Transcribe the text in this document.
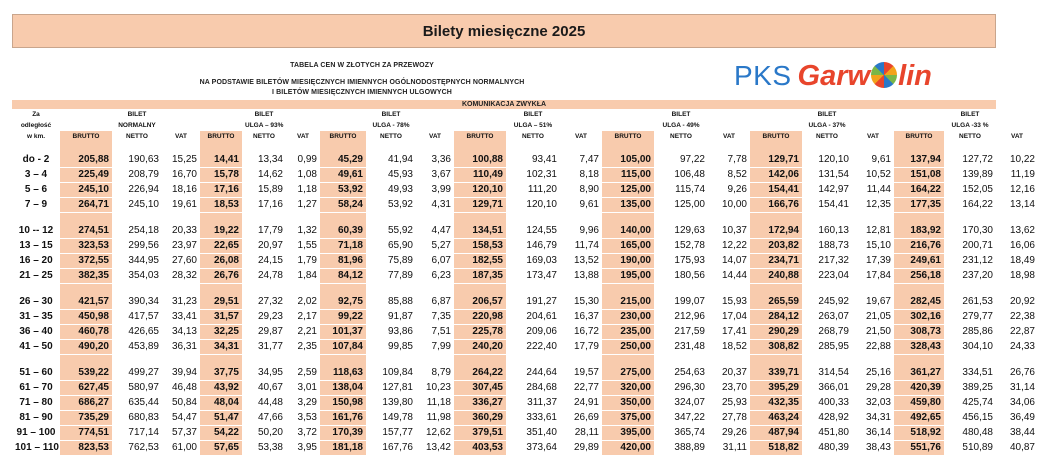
Bilety miesięczne 2025
TABELA CEN W ZŁOTYCH ZA PRZEWOZY
NA PODSTAWIE BILETÓW MIESIĘCZNYCH IMIENNYCH OGÓLNODOSTĘPNYCH NORMALNYCH
I BILETÓW MIESIĘCZNYCH IMIENNYCH ULGOWYCH
PKS Garw lin
KOMUNIKACJA ZWYKŁA
Za		BILET			BILET			BILET			BILET			BILET			BILET			BILET	
odległość		NORMALNY			ULGA – 93%			ULGA - 78%			ULGA – 51%			ULGA - 49%			ULGA - 37%			ULGA -33 %	
w km.	BRUTTO	NETTO	VAT	BRUTTO	NETTO	VAT	BRUTTO	NETTO	VAT	BRUTTO	NETTO	VAT	BRUTTO	NETTO	VAT	BRUTTO	NETTO	VAT	BRUTTO	NETTO	VAT

do - 2	205,88	190,63	15,25	14,41	13,34	0,99	45,29	41,94	3,36	100,88	93,41	7,47	105,00	97,22	7,78	129,71	120,10	9,61	137,94	127,72	10,22
3 – 4	225,49	208,79	16,70	15,78	14,62	1,08	49,61	45,93	3,67	110,49	102,31	8,18	115,00	106,48	8,52	142,06	131,54	10,52	151,08	139,89	11,19
5 – 6	245,10	226,94	18,16	17,16	15,89	1,18	53,92	49,93	3,99	120,10	111,20	8,90	125,00	115,74	9,26	154,41	142,97	11,44	164,22	152,05	12,16
7 – 9	264,71	245,10	19,61	18,53	17,16	1,27	58,24	53,92	4,31	129,71	120,10	9,61	135,00	125,00	10,00	166,76	154,41	12,35	177,35	164,22	13,14

10 -- 12	274,51	254,18	20,33	19,22	17,79	1,32	60,39	55,92	4,47	134,51	124,55	9,96	140,00	129,63	10,37	172,94	160,13	12,81	183,92	170,30	13,62
13 – 15	323,53	299,56	23,97	22,65	20,97	1,55	71,18	65,90	5,27	158,53	146,79	11,74	165,00	152,78	12,22	203,82	188,73	15,10	216,76	200,71	16,06
16 – 20	372,55	344,95	27,60	26,08	24,15	1,79	81,96	75,89	6,07	182,55	169,03	13,52	190,00	175,93	14,07	234,71	217,32	17,39	249,61	231,12	18,49
21 – 25	382,35	354,03	28,32	26,76	24,78	1,84	84,12	77,89	6,23	187,35	173,47	13,88	195,00	180,56	14,44	240,88	223,04	17,84	256,18	237,20	18,98

26 – 30	421,57	390,34	31,23	29,51	27,32	2,02	92,75	85,88	6,87	206,57	191,27	15,30	215,00	199,07	15,93	265,59	245,92	19,67	282,45	261,53	20,92
31 – 35	450,98	417,57	33,41	31,57	29,23	2,17	99,22	91,87	7,35	220,98	204,61	16,37	230,00	212,96	17,04	284,12	263,07	21,05	302,16	279,77	22,38
36 – 40	460,78	426,65	34,13	32,25	29,87	2,21	101,37	93,86	7,51	225,78	209,06	16,72	235,00	217,59	17,41	290,29	268,79	21,50	308,73	285,86	22,87
41 – 50	490,20	453,89	36,31	34,31	31,77	2,35	107,84	99,85	7,99	240,20	222,40	17,79	250,00	231,48	18,52	308,82	285,95	22,88	328,43	304,10	24,33

51 – 60	539,22	499,27	39,94	37,75	34,95	2,59	118,63	109,84	8,79	264,22	244,64	19,57	275,00	254,63	20,37	339,71	314,54	25,16	361,27	334,51	26,76
61 – 70	627,45	580,97	46,48	43,92	40,67	3,01	138,04	127,81	10,23	307,45	284,68	22,77	320,00	296,30	23,70	395,29	366,01	29,28	420,39	389,25	31,14
71 – 80	686,27	635,44	50,84	48,04	44,48	3,29	150,98	139,80	11,18	336,27	311,37	24,91	350,00	324,07	25,93	432,35	400,33	32,03	459,80	425,74	34,06
81 – 90	735,29	680,83	54,47	51,47	47,66	3,53	161,76	149,78	11,98	360,29	333,61	26,69	375,00	347,22	27,78	463,24	428,92	34,31	492,65	456,15	36,49
91 – 100	774,51	717,14	57,37	54,22	50,20	3,72	170,39	157,77	12,62	379,51	351,40	28,11	395,00	365,74	29,26	487,94	451,80	36,14	518,92	480,48	38,44
101 – 110	823,53	762,53	61,00	57,65	53,38	3,95	181,18	167,76	13,42	403,53	373,64	29,89	420,00	388,89	31,11	518,82	480,39	38,43	551,76	510,89	40,87
